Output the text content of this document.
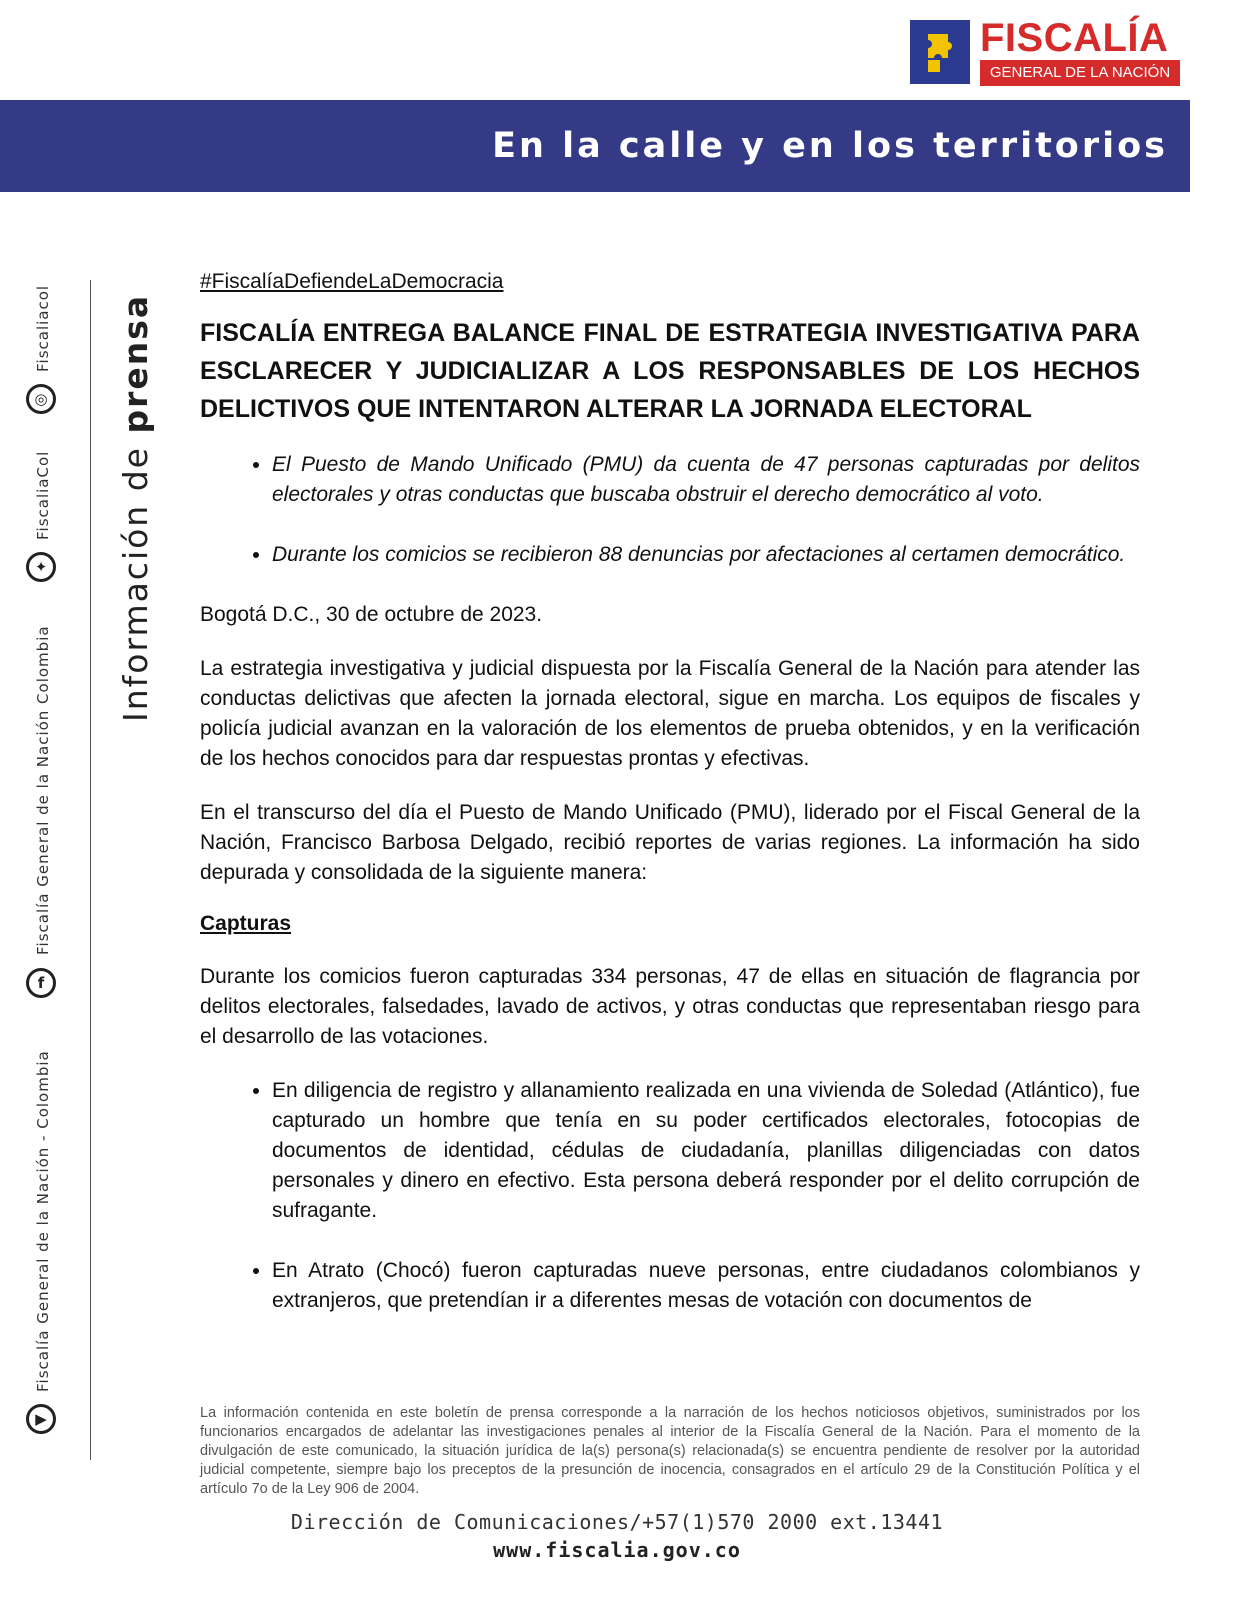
FISCALÍA
GENERAL DE LA NACIÓN
En la calle y en los territorios
Información de prensa
Fiscaliacol
◎
FiscaliaCol
✦
Fiscalía General de la Nación Colombia
f
Fiscalía General de la Nación - Colombia
▶

#FiscalíaDefiendeLaDemocracia

FISCALÍA ENTREGA BALANCE FINAL DE ESTRATEGIA INVESTIGATIVA PARA ESCLARECER Y JUDICIALIZAR A LOS RESPONSABLES DE LOS HECHOS DELICTIVOS QUE INTENTARON ALTERAR LA JORNADA ELECTORAL
• El Puesto de Mando Unificado (PMU) da cuenta de 47 personas capturadas por delitos electorales y otras conductas que buscaba obstruir el derecho democrático al voto.
• Durante los comicios se recibieron 88 denuncias por afectaciones al certamen democrático.

Bogotá D.C., 30 de octubre de 2023.

La estrategia investigativa y judicial dispuesta por la Fiscalía General de la Nación para atender las conductas delictivas que afecten la jornada electoral, sigue en marcha. Los equipos de fiscales y policía judicial avanzan en la valoración de los elementos de prueba obtenidos, y en la verificación de los hechos conocidos para dar respuestas prontas y efectivas.

En el transcurso del día el Puesto de Mando Unificado (PMU), liderado por el Fiscal General de la Nación, Francisco Barbosa Delgado, recibió reportes de varias regiones. La información ha sido depurada y consolidada de la siguiente manera:

Capturas

Durante los comicios fueron capturadas 334 personas, 47 de ellas en situación de flagrancia por delitos electorales, falsedades, lavado de activos, y otras conductas que representaban riesgo para el desarrollo de las votaciones.

• En diligencia de registro y allanamiento realizada en una vivienda de Soledad (Atlántico), fue capturado un hombre que tenía en su poder certificados electorales, fotocopias de documentos de identidad, cédulas de ciudadanía, planillas diligenciadas con datos personales y dinero en efectivo. Esta persona deberá responder por el delito corrupción de sufragante.
• En Atrato (Chocó) fueron capturadas nueve personas, entre ciudadanos colombianos y extranjeros, que pretendían ir a diferentes mesas de votación con documentos de
La información contenida en este boletín de prensa corresponde a la narración de los hechos noticiosos objetivos, suministrados por los funcionarios encargados de adelantar las investigaciones penales al interior de la Fiscalía General de la Nación. Para el momento de la divulgación de este comunicado, la situación jurídica de la(s) persona(s) relacionada(s) se encuentra pendiente de resolver por la autoridad judicial competente, siempre bajo los preceptos de la presunción de inocencia, consagrados en el artículo 29 de la Constitución Política y el artículo 7o de la Ley 906 de 2004.
Dirección de Comunicaciones/+57(1)570 2000 ext.13441
www.fiscalia.gov.co
